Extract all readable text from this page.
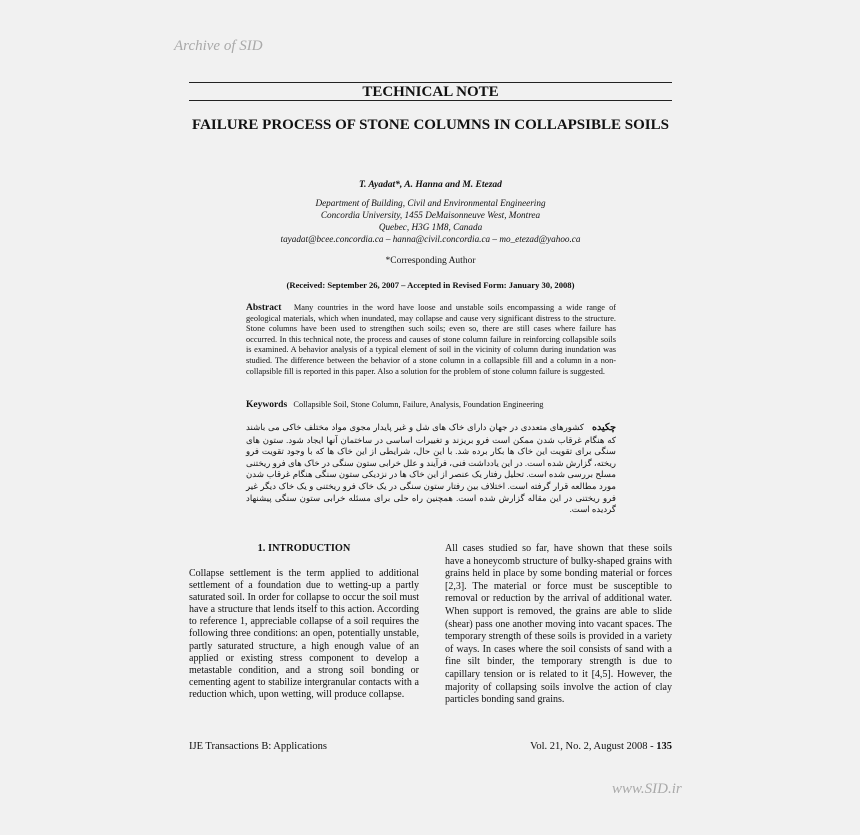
Archive of SID
TECHNICAL NOTE
FAILURE PROCESS OF STONE COLUMNS IN COLLAPSIBLE SOILS
T. Ayadat*, A. Hanna and M. Etezad
Department of Building, Civil and Environmental Engineering
Concordia University, 1455 DeMaisonneuve West, Montrea
Quebec, H3G 1M8, Canada
tayadat@bcee.concordia.ca – hanna@civil.concordia.ca – mo_etezad@yahoo.ca
*Corresponding Author
(Received: September 26, 2007 – Accepted in Revised Form: January 30, 2008)
Abstract Many countries in the word have loose and unstable soils encompassing a wide range of geological materials, which when inundated, may collapse and cause very significant distress to the structure. Stone columns have been used to strengthen such soils; even so, there are still cases where failure has occurred. In this technical note, the process and causes of stone column failure in reinforcing collapsible soils is examined. A behavior analysis of a typical element of soil in the vicinity of column during inundation was studied. The difference between the behavior of a stone column in a collapsible fill and a column in a non-collapsible fill is reported in this paper. Also a solution for the problem of stone column failure is suggested.
Keywords Collapsible Soil, Stone Column, Failure, Analysis, Foundation Engineering
چکیده   کشورهای متعددی در جهان دارای خاک های شل و غیر پایدار مجوی مواد مختلف خاکی می باشند که هنگام غرقاب شدن ممکن است فرو بریزند و تغییرات اساسی در ساختمان آنها ایجاد شود. ستون های سنگی برای تقویت این خاک ها بکار برده شد. با این حال، شرایطی از این خاک ها که با وجود تقویت فرو ریخته، گزارش شده است. در این یادداشت فنی، فرآیند و علل خرابی ستون سنگی در خاک های فرو ریختنی مسلح بررسی شده است. تحلیل رفتار یک عنصر از این خاک ها در نزدیکی ستون سنگی هنگام غرقاب شدن مورد مطالعه قرار گرفته است. اختلاف بین رفتار ستون سنگی در یک خاک فرو ریختنی و یک خاک دیگر غیر فرو ریختنی در این مقاله گزارش شده است. همچنین راه حلی برای مسئله خرابی ستون سنگی پیشنهاد گردیده است.
1. INTRODUCTION
Collapse settlement is the term applied to additional settlement of a foundation due to wetting-up a partly saturated soil. In order for collapse to occur the soil must have a structure that lends itself to this action. According to reference 1, appreciable collapse of a soil requires the following three conditions: an open, potentially unstable, partly saturated structure, a high enough value of an applied or existing stress component to develop a metastable condition, and a strong soil bonding or cementing agent to stabilize intergranular contacts with a reduction which, upon wetting, will produce collapse.
All cases studied so far, have shown that these soils have a honeycomb structure of bulky-shaped grains with grains held in place by some bonding material or forces [2,3]. The material or force must be susceptible to removal or reduction by the arrival of additional water. When support is removed, the grains are able to slide (shear) pass one another moving into vacant spaces. The temporary strength of these soils is provided in a variety of ways. In cases where the soil consists of sand with a fine silt binder, the temporary strength is due to capillary tension or is related to it [4,5]. However, the majority of collapsing soils involve the action of clay particles bonding sand grains.
IJE Transactions B: Applications	Vol. 21, No. 2, August 2008 - 135
www.SID.ir
